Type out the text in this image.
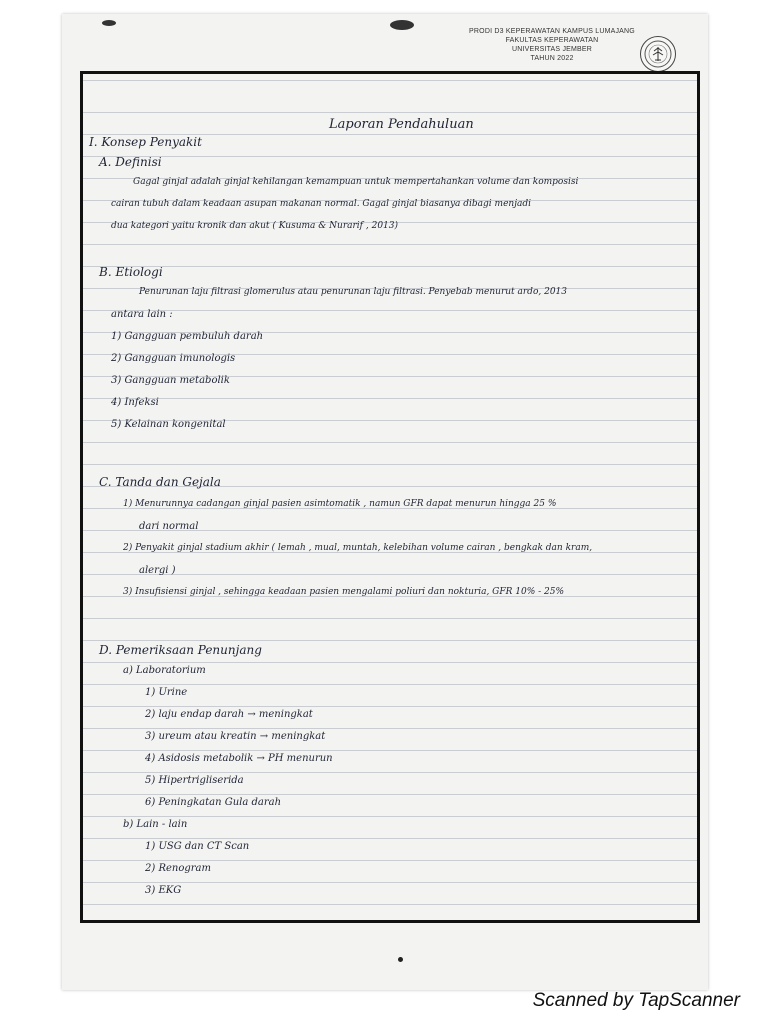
PRODI D3 KEPERAWATAN KAMPUS LUMAJANG
FAKULTAS KEPERAWATAN
UNIVERSITAS JEMBER
TAHUN 2022
Laporan Pendahuluan
I. Konsep Penyakit
A. Definisi
Gagal ginjal adalah ginjal kehilangan kemampuan untuk mempertahankan volume dan komposisi
cairan tubuh dalam keadaan asupan makanan normal. Gagal ginjal biasanya dibagi menjadi
dua kategori yaitu kronik dan akut ( Kusuma & Nurarif , 2013)
B. Etiologi
Penurunan laju filtrasi glomerulus atau penurunan laju filtrasi. Penyebab menurut ardo, 2013
antara lain :
1) Gangguan pembuluh darah
2) Gangguan imunologis
3) Gangguan metabolik
4) Infeksi
5) Kelainan kongenital
C. Tanda dan Gejala
1) Menurunnya cadangan ginjal pasien asimtomatik , namun GFR dapat menurun hingga 25 %
dari normal
2) Penyakit ginjal stadium akhir ( lemah , mual, muntah, kelebihan volume cairan , bengkak dan kram,
alergi )
3) Insufisiensi ginjal , sehingga keadaan pasien mengalami poliuri dan nokturia, GFR 10% - 25%
D. Pemeriksaan Penunjang
a) Laboratorium
1) Urine
2) laju endap darah → meningkat
3) ureum atau kreatin → meningkat
4) Asidosis metabolik → PH menurun
5) Hipertrigliserida
6) Peningkatan Gula darah
b) Lain - lain
1) USG dan CT Scan
2) Renogram
3) EKG
Scanned by TapScanner
